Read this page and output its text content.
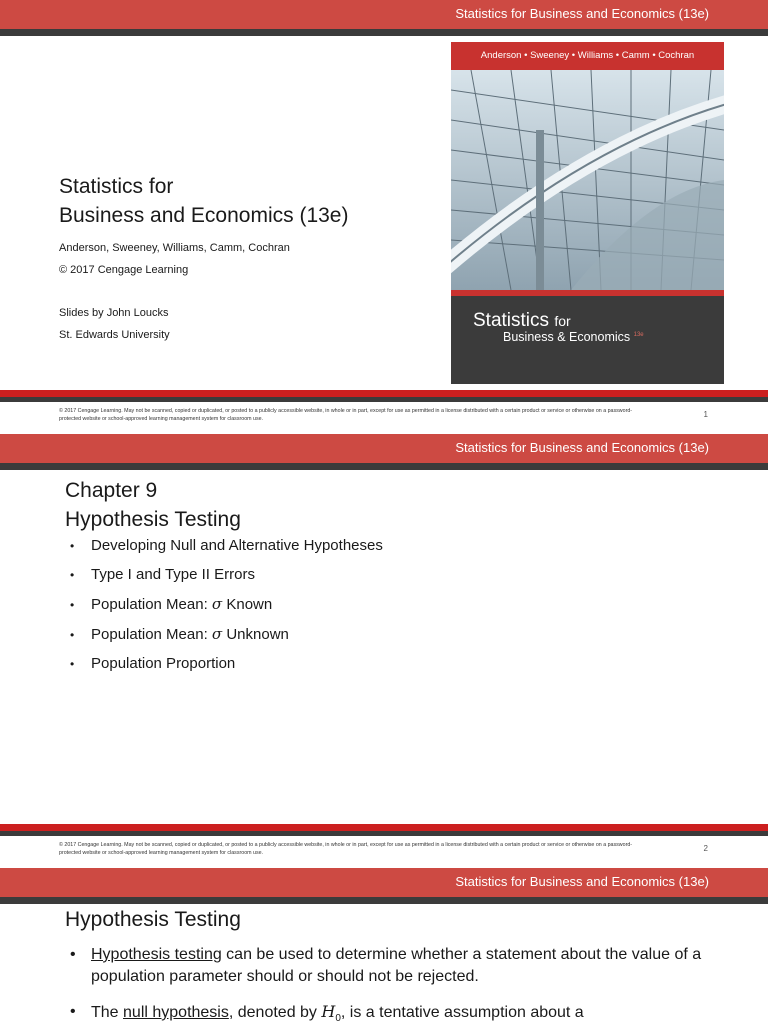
Statistics for Business and Economics (13e)
Statistics for
Business and Economics (13e)
Anderson, Sweeney, Williams, Camm, Cochran
© 2017 Cengage Learning
Slides by John Loucks
St. Edwards University
Anderson • Sweeney • Williams • Camm • Cochran
Statistics for
Business & Economics $^{13e}$
© 2017 Cengage Learning. May not be scanned, copied or duplicated, or posted to a publicly accessible website, in whole or in part, except for use as permitted in a license distributed with a certain product or service or otherwise on a password-protected website or school-approved learning management system for classroom use.	1
Statistics for Business and Economics (13e)
Chapter 9
Hypothesis Testing
• Developing Null and Alternative Hypotheses
• Type I and Type II Errors
• Population Mean: σ Known
• Population Mean: σ Unknown
• Population Proportion
© 2017 Cengage Learning. May not be scanned, copied or duplicated, or posted to a publicly accessible website, in whole or in part, except for use as permitted in a license distributed with a certain product or service or otherwise on a password-protected website or school-approved learning management system for classroom use.	2
Statistics for Business and Economics (13e)
Hypothesis Testing
• Hypothesis testing can be used to determine whether a statement about the value of a population parameter should or should not be rejected.
• The null hypothesis, denoted by $H_0$, is a tentative assumption about a
